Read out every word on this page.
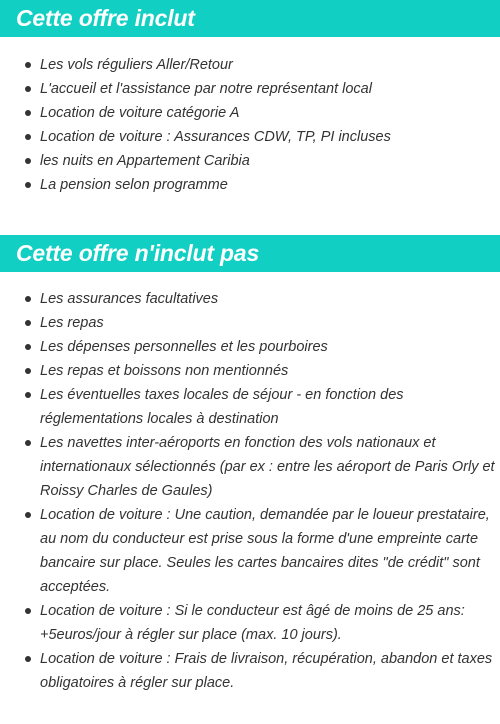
Cette offre inclut
Les vols réguliers Aller/Retour
L'accueil et l'assistance par notre représentant local
Location de voiture catégorie A
Location de voiture : Assurances CDW, TP, PI incluses
les nuits en Appartement Caribia
La pension selon programme
Cette offre n'inclut pas
Les assurances facultatives
Les repas
Les dépenses personnelles et les pourboires
Les repas et boissons non mentionnés
Les éventuelles taxes locales de séjour - en fonction des réglementations locales à destination
Les navettes inter-aéroports en fonction des vols nationaux et internationaux sélectionnés (par ex : entre les aéroport de Paris Orly et Roissy Charles de Gaules)
Location de voiture : Une caution, demandée par le loueur prestataire, au nom du conducteur est prise sous la forme d'une empreinte carte bancaire sur place. Seules les cartes bancaires dites "de crédit" sont acceptées.
Location de voiture : Si le conducteur est âgé de moins de 25 ans: +5euros/jour à régler sur place (max. 10 jours).
Location de voiture : Frais de livraison, récupération, abandon et taxes obligatoires à régler sur place.
